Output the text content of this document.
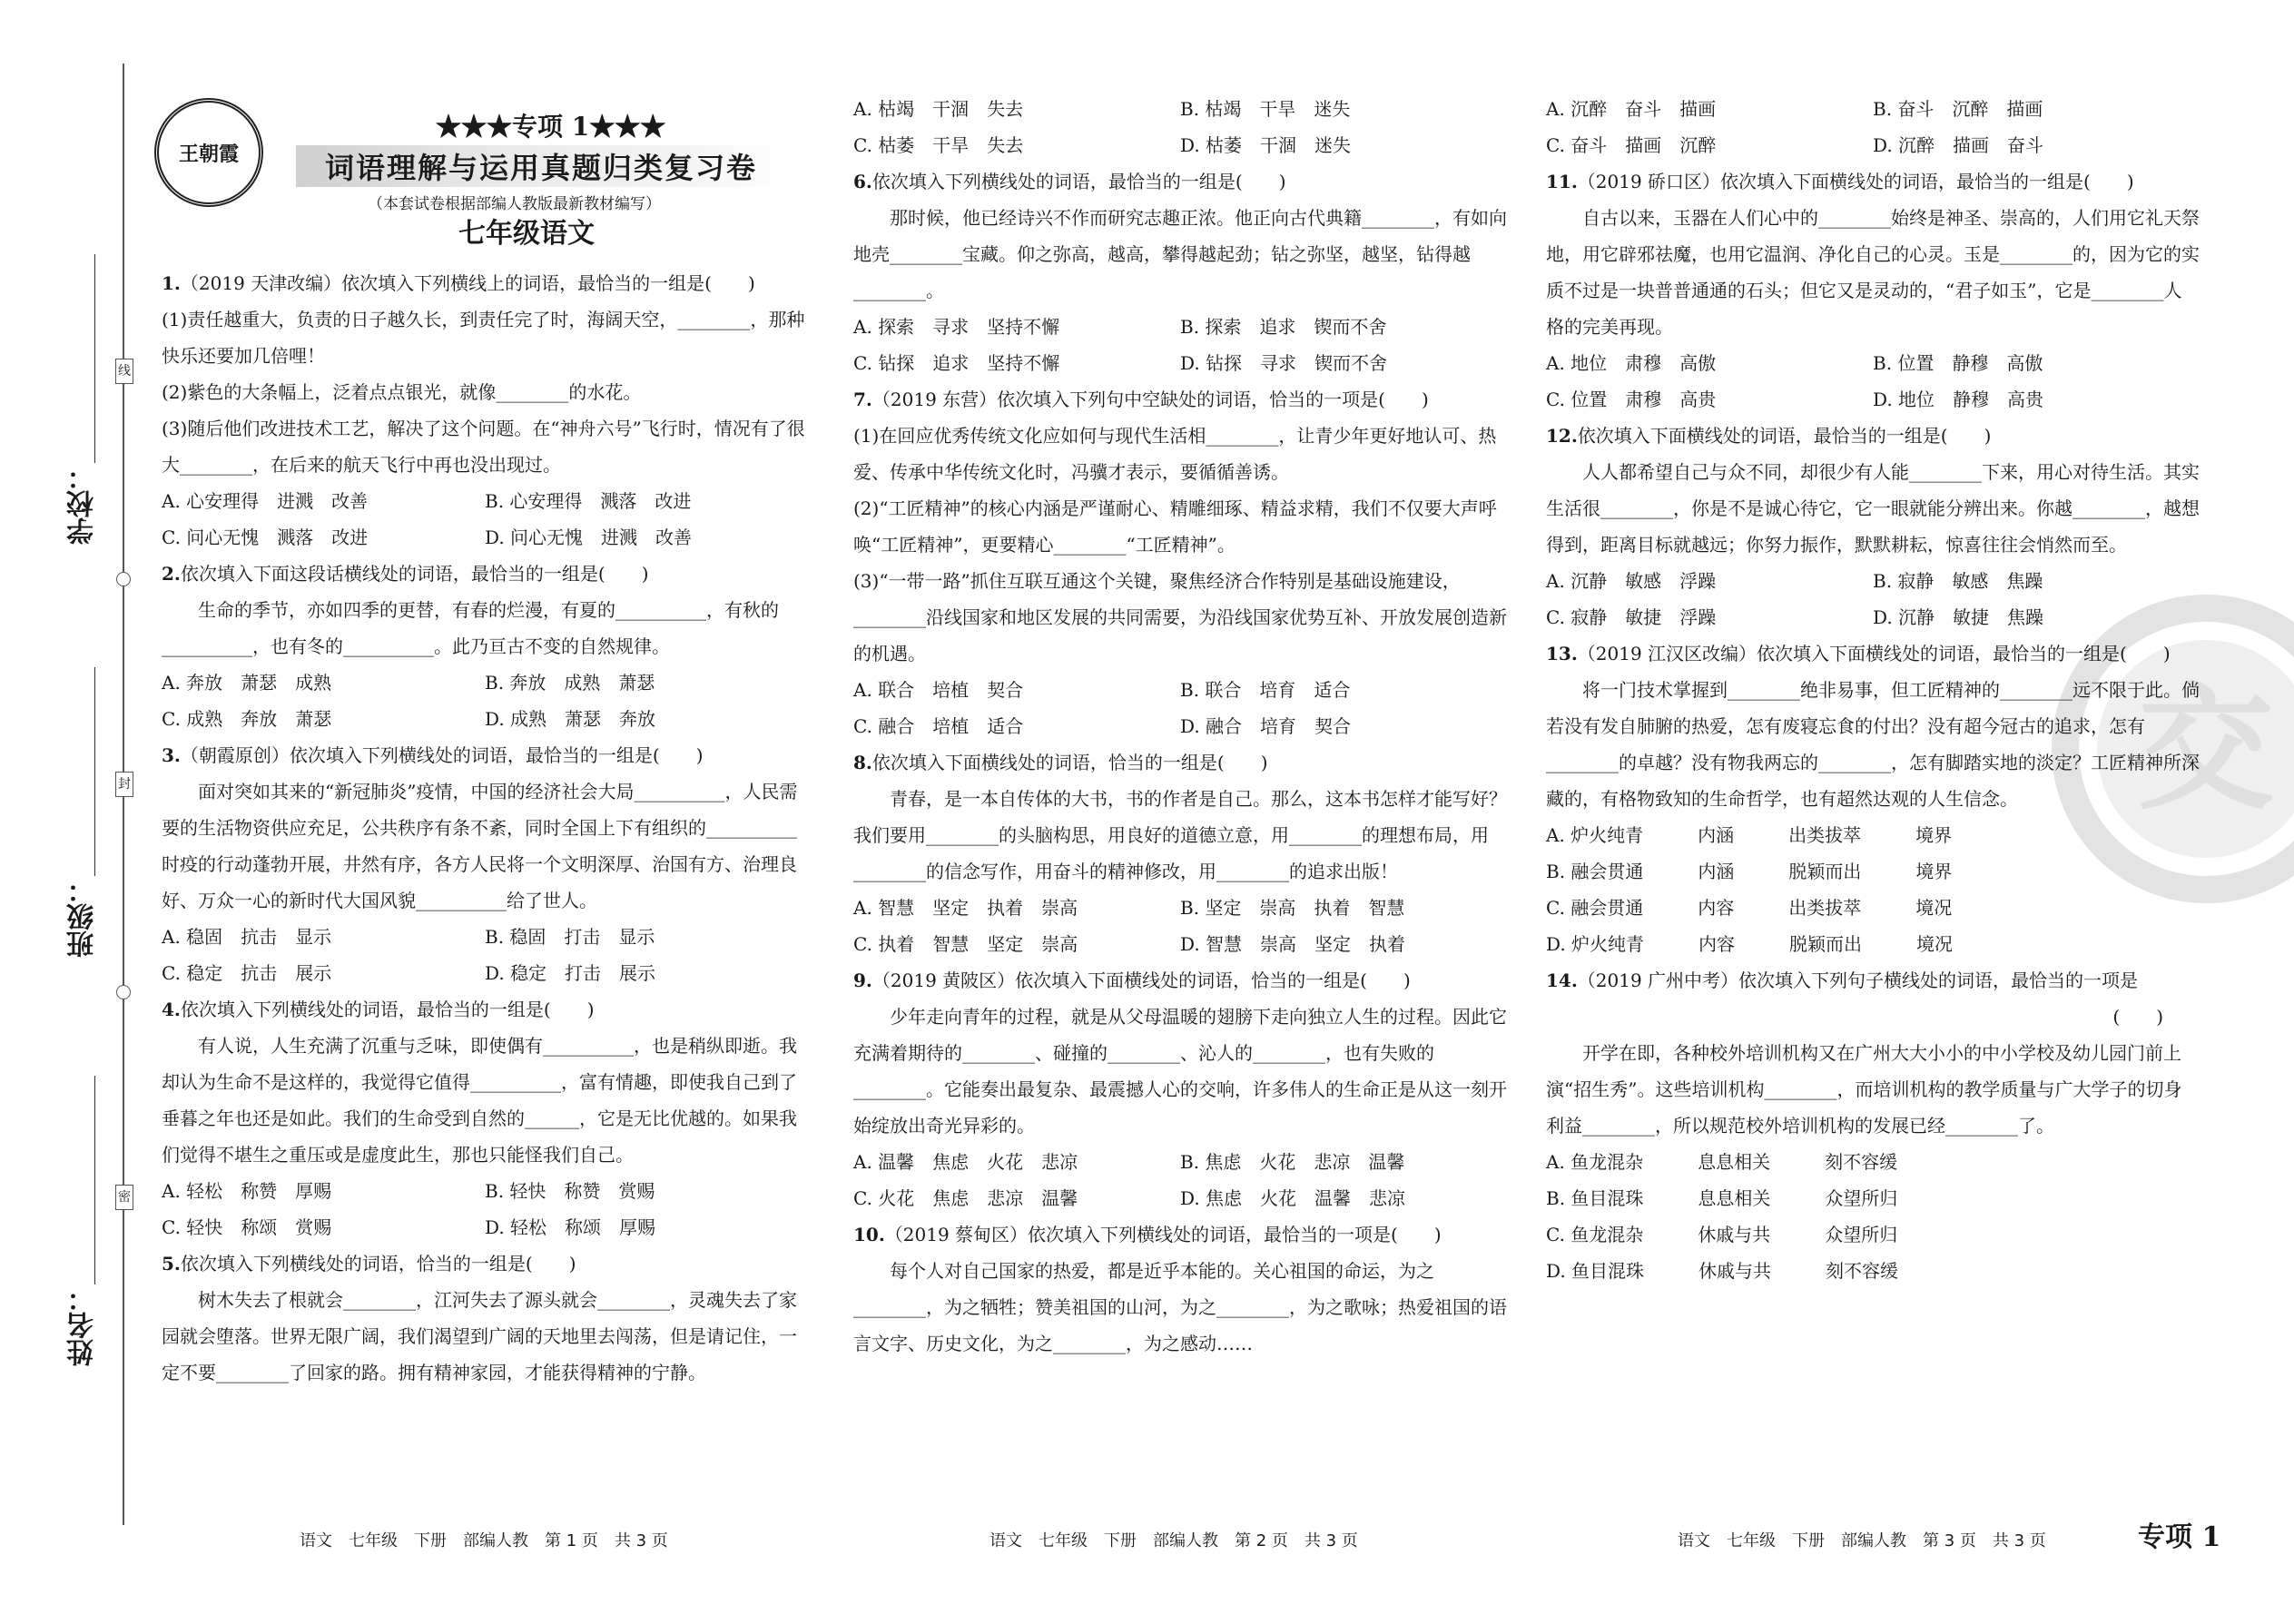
线
封
密
学校：
班级：
姓名：
王朝霞
★★★专项 1★★★
词语理解与运用真题归类复习卷
（本套试卷根据部编人教版最新教材编写）
七年级语文
交

1.（2019 天津改编）依次填入下列横线上的词语，最恰当的一组是(　　)

(1)责任越重大，负责的日子越久长，到责任完了时，海阔天空，________，那种快乐还要加几倍哩！

(2)紫色的大条幅上，泛着点点银光，就像________的水花。

(3)随后他们改进技术工艺，解决了这个问题。在“神舟六号”飞行时，情况有了很大________，在后来的航天飞行中再也没出现过。

A. 心安理得　进溅　改善	B. 心安理得　溅落　改进
C. 问心无愧　溅落　改进	D. 问心无愧　进溅　改善

2.依次填入下面这段话横线处的词语，最恰当的一组是(　　)

生命的季节，亦如四季的更替，有春的烂漫，有夏的__________，有秋的__________，也有冬的__________。此乃亘古不变的自然规律。

A. 奔放　萧瑟　成熟	B. 奔放　成熟　萧瑟
C. 成熟　奔放　萧瑟	D. 成熟　萧瑟　奔放

3.（朝霞原创）依次填入下列横线处的词语，最恰当的一组是(　　)

面对突如其来的“新冠肺炎”疫情，中国的经济社会大局__________，人民需要的生活物资供应充足，公共秩序有条不紊，同时全国上下有组织的__________时疫的行动蓬勃开展，井然有序，各方人民将一个文明深厚、治国有方、治理良好、万众一心的新时代大国风貌__________给了世人。

A. 稳固　抗击　显示	B. 稳固　打击　显示
C. 稳定　抗击　展示	D. 稳定　打击　展示

4.依次填入下列横线处的词语，最恰当的一组是(　　)

有人说，人生充满了沉重与乏味，即使偶有__________，也是稍纵即逝。我却认为生命不是这样的，我觉得它值得__________，富有情趣，即使我自己到了垂暮之年也还是如此。我们的生命受到自然的______，它是无比优越的。如果我们觉得不堪生之重压或是虚度此生，那也只能怪我们自己。

A. 轻松　称赞　厚赐	B. 轻快　称赞　赏赐
C. 轻快　称颂　赏赐	D. 轻松　称颂　厚赐

5.依次填入下列横线处的词语，恰当的一组是(　　)

树木失去了根就会________，江河失去了源头就会________，灵魂失去了家园就会堕落。世界无限广阔，我们渴望到广阔的天地里去闯荡，但是请记住，一定不要________了回家的路。拥有精神家园，才能获得精神的宁静。

A. 枯竭　干涸　失去	B. 枯竭　干旱　迷失
C. 枯萎　干旱　失去	D. 枯萎　干涸　迷失

6.依次填入下列横线处的词语，最恰当的一组是(　　)

那时候，他已经诗兴不作而研究志趣正浓。他正向古代典籍________，有如向地壳________宝藏。仰之弥高，越高，攀得越起劲；钻之弥坚，越坚，钻得越________。

A. 探索　寻求　坚持不懈	B. 探索　追求　锲而不舍
C. 钻探　追求　坚持不懈	D. 钻探　寻求　锲而不舍

7.（2019 东营）依次填入下列句中空缺处的词语，恰当的一项是(　　)

(1)在回应优秀传统文化应如何与现代生活相________，让青少年更好地认可、热爱、传承中华传统文化时，冯骥才表示，要循循善诱。

(2)“工匠精神”的核心内涵是严谨耐心、精雕细琢、精益求精，我们不仅要大声呼唤“工匠精神”，更要精心________“工匠精神”。

(3)“一带一路”抓住互联互通这个关键，聚焦经济合作特别是基础设施建设，________沿线国家和地区发展的共同需要，为沿线国家优势互补、开放发展创造新的机遇。

A. 联合　培植　契合	B. 联合　培育　适合
C. 融合　培植　适合	D. 融合　培育　契合

8.依次填入下面横线处的词语，恰当的一组是(　　)

青春，是一本自传体的大书，书的作者是自己。那么，这本书怎样才能写好？我们要用________的头脑构思，用良好的道德立意，用________的理想布局，用________的信念写作，用奋斗的精神修改，用________的追求出版！

A. 智慧　坚定　执着　崇高	B. 坚定　崇高　执着　智慧
C. 执着　智慧　坚定　崇高	D. 智慧　崇高　坚定　执着

9.（2019 黄陂区）依次填入下面横线处的词语，恰当的一组是(　　)

少年走向青年的过程，就是从父母温暖的翅膀下走向独立人生的过程。因此它充满着期待的________、碰撞的________、沁人的________，也有失败的________。它能奏出最复杂、最震撼人心的交响，许多伟人的生命正是从这一刻开始绽放出奇光异彩的。

A. 温馨　焦虑　火花　悲凉	B. 焦虑　火花　悲凉　温馨
C. 火花　焦虑　悲凉　温馨	D. 焦虑　火花　温馨　悲凉

10.（2019 蔡甸区）依次填入下列横线处的词语，最恰当的一项是(　　)

每个人对自己国家的热爱，都是近乎本能的。关心祖国的命运，为之________，为之牺牲；赞美祖国的山河，为之________，为之歌咏；热爱祖国的语言文字、历史文化，为之________，为之感动……

A. 沉醉　奋斗　描画	B. 奋斗　沉醉　描画
C. 奋斗　描画　沉醉	D. 沉醉　描画　奋斗

11.（2019 硚口区）依次填入下面横线处的词语，最恰当的一组是(　　)

自古以来，玉器在人们心中的________始终是神圣、崇高的，人们用它礼天祭地，用它辟邪祛魔，也用它温润、净化自己的心灵。玉是________的，因为它的实质不过是一块普普通通的石头；但它又是灵动的，“君子如玉”，它是________人格的完美再现。

A. 地位　肃穆　高傲	B. 位置　静穆　高傲
C. 位置　肃穆　高贵	D. 地位　静穆　高贵

12.依次填入下面横线处的词语，最恰当的一组是(　　)

人人都希望自己与众不同，却很少有人能________下来，用心对待生活。其实生活很________，你是不是诚心待它，它一眼就能分辨出来。你越________，越想得到，距离目标就越远；你努力振作，默默耕耘，惊喜往往会悄然而至。

A. 沉静　敏感　浮躁	B. 寂静　敏感　焦躁
C. 寂静　敏捷　浮躁	D. 沉静　敏捷　焦躁

13.（2019 江汉区改编）依次填入下面横线处的词语，最恰当的一组是(　　)

将一门技术掌握到________绝非易事，但工匠精神的________远不限于此。倘若没有发自肺腑的热爱，怎有废寝忘食的付出？没有超今冠古的追求，怎有________的卓越？没有物我两忘的________，怎有脚踏实地的淡定？工匠精神所深藏的，有格物致知的生命哲学，也有超然达观的人生信念。

A. 炉火纯青　　　内涵　　　出类拔萃　　　境界
B. 融会贯通　　　内涵　　　脱颖而出　　　境界
C. 融会贯通　　　内容　　　出类拔萃　　　境况
D. 炉火纯青　　　内容　　　脱颖而出　　　境况

14.（2019 广州中考）依次填入下列句子横线处的词语，最恰当的一项是

(　　)

开学在即，各种校外培训机构又在广州大大小小的中小学校及幼儿园门前上演“招生秀”。这些培训机构________，而培训机构的教学质量与广大学子的切身利益________，所以规范校外培训机构的发展已经________了。

A. 鱼龙混杂　　　息息相关　　　刻不容缓
B. 鱼目混珠　　　息息相关　　　众望所归
C. 鱼龙混杂　　　休戚与共　　　众望所归
D. 鱼目混珠　　　休戚与共　　　刻不容缓
语文　七年级　下册　部编人教　第 1 页　共 3 页	语文　七年级　下册　部编人教　第 2 页　共 3 页	语文　七年级　下册　部编人教　第 3 页　共 3 页	专项 1
